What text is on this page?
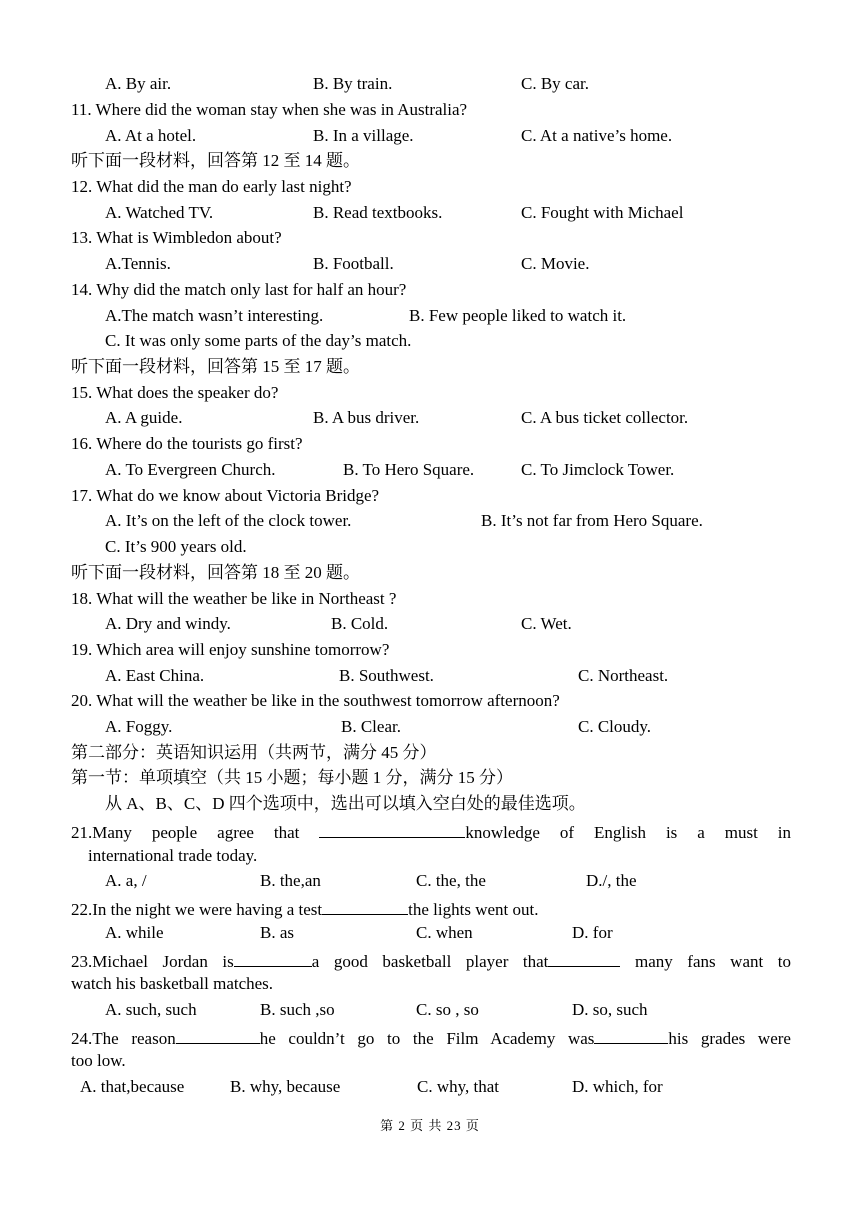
A. By air.	B. By train.	C. By car.
11. Where did the woman stay when she was in Australia?
A. At a hotel.	B. In a village.	C. At a native’s home.
听下面一段材料，回答第 12 至 14 题。
12. What did the man do early last night?
A. Watched TV.	B. Read textbooks.	C. Fought with Michael
13. What is Wimbledon about?
A.Tennis.	B. Football.	C. Movie.
14. Why did the match only last for half an hour?
A.The match wasn’t interesting.	B. Few people liked to watch it.
C. It was only some parts of the day’s match.
听下面一段材料，回答第 15 至 17 题。
15. What does the speaker do?
A. A guide.	B. A bus driver.	C. A bus ticket collector.
16. Where do the tourists go first?
A. To Evergreen Church.	B. To Hero Square.	C. To Jimclock Tower.
17. What do we know about Victoria Bridge?
A. It’s on the left of the clock tower.	B. It’s not far from Hero Square.
C. It’s 900 years old.
听下面一段材料，回答第 18 至 20 题。
18. What will the weather be like in Northeast ?
A. Dry and windy.	B. Cold.	C. Wet.
19. Which area will enjoy sunshine tomorrow?
A. East China.	B. Southwest.	C. Northeast.
20. What will the weather be like in the southwest tomorrow afternoon?
A. Foggy.	B. Clear.	C. Cloudy.
第二部分：英语知识运用（共两节，满分 45 分）
第一节：单项填空（共 15 小题；每小题 1 分，满分 15 分）
从 A、B、C、D 四个选项中，选出可以填入空白处的最佳选项。
21.Many people agree that	knowledge of English is a must in
international trade today.
A. a, /	B. the,an	C. the, the	D./, the
22.In the night we were having a test	the lights went out.
A. while	B. as	C. when	D. for
23.Michael Jordan is	a good basketball player that	many fans want to
watch his basketball matches.
A. such, such	B. such ,so	C. so , so	D. so, such
24.The reason	he couldn’t go to the Film Academy was	his grades were
too low.
A. that,because	B. why, because	C. why, that	D. which, for
第 2 页 共 23 页
